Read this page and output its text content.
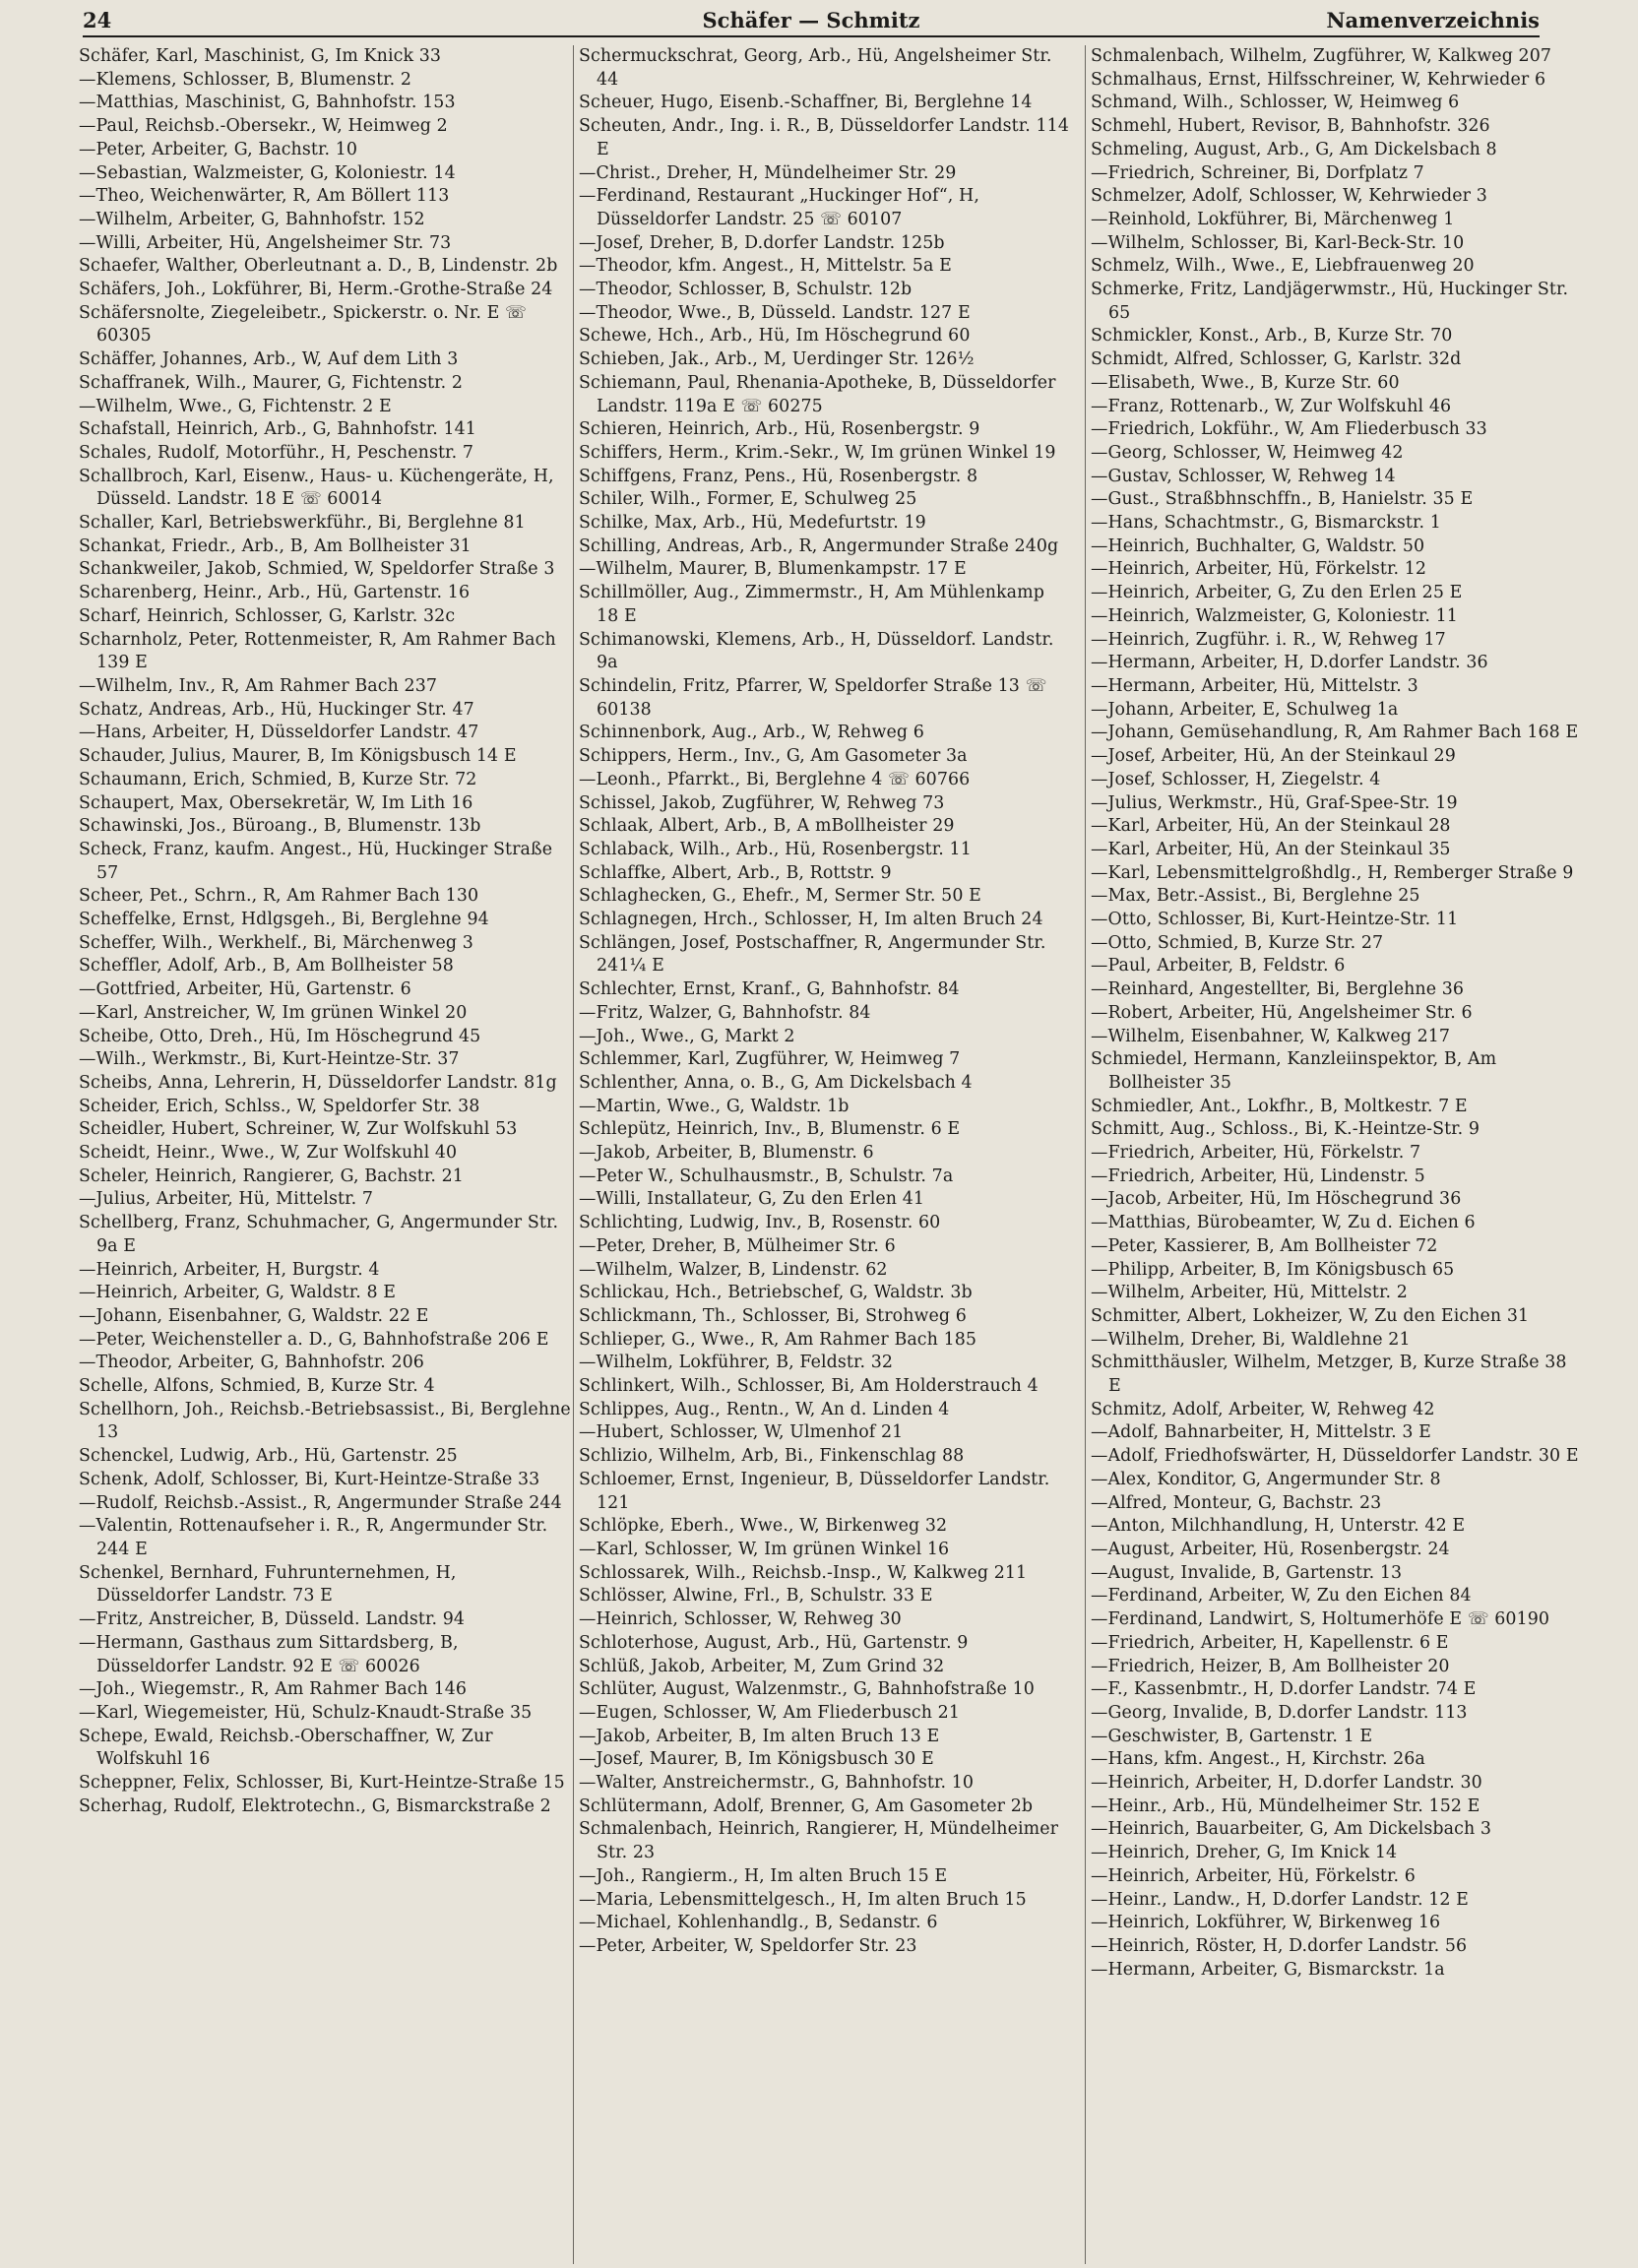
24	Schäfer — Schmitz	Namenverzeichnis
Schäfer, Karl, Maschinist, G, Im Knick 33
—Klemens, Schlosser, B, Blumenstr. 2
—Matthias, Maschinist, G, Bahnhofstr. 153
—Paul, Reichsb.-Obersekr., W, Heimweg 2
—Peter, Arbeiter, G, Bachstr. 10
—Sebastian, Walzmeister, G, Koloniestr. 14
—Theo, Weichenwärter, R, Am Böllert 113
—Wilhelm, Arbeiter, G, Bahnhofstr. 152
—Willi, Arbeiter, Hü, Angelsheimer Str. 73
Schaefer, Walther, Oberleutnant a. D., B, Lindenstr. 2b
Schäfers, Joh., Lokführer, Bi, Herm.-Grothe-Straße 24
Schäfersnolte, Ziegeleibetr., Spickerstr. o. Nr. E ☏ 60305
Schäffer, Johannes, Arb., W, Auf dem Lith 3
Schaffranek, Wilh., Maurer, G, Fichtenstr. 2
—Wilhelm, Wwe., G, Fichtenstr. 2 E
Schafstall, Heinrich, Arb., G, Bahnhofstr. 141
Schales, Rudolf, Motorführ., H, Peschenstr. 7
Schallbroch, Karl, Eisenw., Haus- u. Küchengeräte, H, Düsseld. Landstr. 18 E ☏ 60014
Schaller, Karl, Betriebswerkführ., Bi, Berglehne 81
Schankat, Friedr., Arb., B, Am Bollheister 31
Schankweiler, Jakob, Schmied, W, Speldorfer Straße 3
Scharenberg, Heinr., Arb., Hü, Gartenstr. 16
Scharf, Heinrich, Schlosser, G, Karlstr. 32c
Scharnholz, Peter, Rottenmeister, R, Am Rahmer Bach 139 E
—Wilhelm, Inv., R, Am Rahmer Bach 237
Schatz, Andreas, Arb., Hü, Huckinger Str. 47
—Hans, Arbeiter, H, Düsseldorfer Landstr. 47
Schauder, Julius, Maurer, B, Im Königsbusch 14 E
Schaumann, Erich, Schmied, B, Kurze Str. 72
Schaupert, Max, Obersekretär, W, Im Lith 16
Schawinski, Jos., Büroang., B, Blumenstr. 13b
Scheck, Franz, kaufm. Angest., Hü, Huckinger Straße 57
Scheer, Pet., Schrn., R, Am Rahmer Bach 130
Scheffelke, Ernst, Hdlgsgeh., Bi, Berglehne 94
Scheffer, Wilh., Werkhelf., Bi, Märchenweg 3
Scheffler, Adolf, Arb., B, Am Bollheister 58
—Gottfried, Arbeiter, Hü, Gartenstr. 6
—Karl, Anstreicher, W, Im grünen Winkel 20
Scheibe, Otto, Dreh., Hü, Im Höschegrund 45
—Wilh., Werkmstr., Bi, Kurt-Heintze-Str. 37
Scheibs, Anna, Lehrerin, H, Düsseldorfer Landstr. 81g
Scheider, Erich, Schlss., W, Speldorfer Str. 38
Scheidler, Hubert, Schreiner, W, Zur Wolfskuhl 53
Scheidt, Heinr., Wwe., W, Zur Wolfskuhl 40
Scheler, Heinrich, Rangierer, G, Bachstr. 21
—Julius, Arbeiter, Hü, Mittelstr. 7
Schellberg, Franz, Schuhmacher, G, Angermunder Str. 9a E
—Heinrich, Arbeiter, H, Burgstr. 4
—Heinrich, Arbeiter, G, Waldstr. 8 E
—Johann, Eisenbahner, G, Waldstr. 22 E
—Peter, Weichensteller a. D., G, Bahnhofstraße 206 E
—Theodor, Arbeiter, G, Bahnhofstr. 206
Schelle, Alfons, Schmied, B, Kurze Str. 4
Schellhorn, Joh., Reichsb.-Betriebsassist., Bi, Berglehne 13
Schenckel, Ludwig, Arb., Hü, Gartenstr. 25
Schenk, Adolf, Schlosser, Bi, Kurt-Heintze-Straße 33
—Rudolf, Reichsb.-Assist., R, Angermunder Straße 244
—Valentin, Rottenaufseher i. R., R, Angermunder Str. 244 E
Schenkel, Bernhard, Fuhrunternehmen, H, Düsseldorfer Landstr. 73 E
—Fritz, Anstreicher, B, Düsseld. Landstr. 94
—Hermann, Gasthaus zum Sittardsberg, B, Düsseldorfer Landstr. 92 E ☏ 60026
—Joh., Wiegemstr., R, Am Rahmer Bach 146
—Karl, Wiegemeister, Hü, Schulz-Knaudt-Straße 35
Schepe, Ewald, Reichsb.-Oberschaffner, W, Zur Wolfskuhl 16
Scheppner, Felix, Schlosser, Bi, Kurt-Heintze-Straße 15
Scherhag, Rudolf, Elektrotechn., G, Bismarckstraße 2
Schermuckschrat, Georg, Arb., Hü, Angelsheimer Str. 44
Scheuer, Hugo, Eisenb.-Schaffner, Bi, Berglehne 14
Scheuten, Andr., Ing. i. R., B, Düsseldorfer Landstr. 114 E
—Christ., Dreher, H, Mündelheimer Str. 29
—Ferdinand, Restaurant „Huckinger Hof“, H, Düsseldorfer Landstr. 25 ☏ 60107
—Josef, Dreher, B, D.dorfer Landstr. 125b
—Theodor, kfm. Angest., H, Mittelstr. 5a E
—Theodor, Schlosser, B, Schulstr. 12b
—Theodor, Wwe., B, Düsseld. Landstr. 127 E
Schewe, Hch., Arb., Hü, Im Höschegrund 60
Schieben, Jak., Arb., M, Uerdinger Str. 126½
Schiemann, Paul, Rhenania-Apotheke, B, Düsseldorfer Landstr. 119a E ☏ 60275
Schieren, Heinrich, Arb., Hü, Rosenbergstr. 9
Schiffers, Herm., Krim.-Sekr., W, Im grünen Winkel 19
Schiffgens, Franz, Pens., Hü, Rosenbergstr. 8
Schiler, Wilh., Former, E, Schulweg 25
Schilke, Max, Arb., Hü, Medefurtstr. 19
Schilling, Andreas, Arb., R, Angermunder Straße 240g
—Wilhelm, Maurer, B, Blumenkampstr. 17 E
Schillmöller, Aug., Zimmermstr., H, Am Mühlenkamp 18 E
Schimanowski, Klemens, Arb., H, Düsseldorf. Landstr. 9a
Schindelin, Fritz, Pfarrer, W, Speldorfer Straße 13 ☏ 60138
Schinnenbork, Aug., Arb., W, Rehweg 6
Schippers, Herm., Inv., G, Am Gasometer 3a
—Leonh., Pfarrkt., Bi, Berglehne 4 ☏ 60766
Schissel, Jakob, Zugführer, W, Rehweg 73
Schlaak, Albert, Arb., B, A mBollheister 29
Schlaback, Wilh., Arb., Hü, Rosenbergstr. 11
Schlaffke, Albert, Arb., B, Rottstr. 9
Schlaghecken, G., Ehefr., M, Sermer Str. 50 E
Schlagnegen, Hrch., Schlosser, H, Im alten Bruch 24
Schlängen, Josef, Postschaffner, R, Angermunder Str. 241¼ E
Schlechter, Ernst, Kranf., G, Bahnhofstr. 84
—Fritz, Walzer, G, Bahnhofstr. 84
—Joh., Wwe., G, Markt 2
Schlemmer, Karl, Zugführer, W, Heimweg 7
Schlenther, Anna, o. B., G, Am Dickelsbach 4
—Martin, Wwe., G, Waldstr. 1b
Schlepütz, Heinrich, Inv., B, Blumenstr. 6 E
—Jakob, Arbeiter, B, Blumenstr. 6
—Peter W., Schulhausmstr., B, Schulstr. 7a
—Willi, Installateur, G, Zu den Erlen 41
Schlichting, Ludwig, Inv., B, Rosenstr. 60
—Peter, Dreher, B, Mülheimer Str. 6
—Wilhelm, Walzer, B, Lindenstr. 62
Schlickau, Hch., Betriebschef, G, Waldstr. 3b
Schlickmann, Th., Schlosser, Bi, Strohweg 6
Schlieper, G., Wwe., R, Am Rahmer Bach 185
—Wilhelm, Lokführer, B, Feldstr. 32
Schlinkert, Wilh., Schlosser, Bi, Am Holderstrauch 4
Schlippes, Aug., Rentn., W, An d. Linden 4
—Hubert, Schlosser, W, Ulmenhof 21
Schlizio, Wilhelm, Arb, Bi., Finkenschlag 88
Schloemer, Ernst, Ingenieur, B, Düsseldorfer Landstr. 121
Schlöpke, Eberh., Wwe., W, Birkenweg 32
—Karl, Schlosser, W, Im grünen Winkel 16
Schlossarek, Wilh., Reichsb.-Insp., W, Kalkweg 211
Schlösser, Alwine, Frl., B, Schulstr. 33 E
—Heinrich, Schlosser, W, Rehweg 30
Schloterhose, August, Arb., Hü, Gartenstr. 9
Schlüß, Jakob, Arbeiter, M, Zum Grind 32
Schlüter, August, Walzenmstr., G, Bahnhofstraße 10
—Eugen, Schlosser, W, Am Fliederbusch 21
—Jakob, Arbeiter, B, Im alten Bruch 13 E
—Josef, Maurer, B, Im Königsbusch 30 E
—Walter, Anstreichermstr., G, Bahnhofstr. 10
Schlütermann, Adolf, Brenner, G, Am Gasometer 2b
Schmalenbach, Heinrich, Rangierer, H, Mündelheimer Str. 23
—Joh., Rangierm., H, Im alten Bruch 15 E
—Maria, Lebensmittelgesch., H, Im alten Bruch 15
—Michael, Kohlenhandlg., B, Sedanstr. 6
—Peter, Arbeiter, W, Speldorfer Str. 23
Schmalenbach, Wilhelm, Zugführer, W, Kalkweg 207
Schmalhaus, Ernst, Hilfsschreiner, W, Kehrwieder 6
Schmand, Wilh., Schlosser, W, Heimweg 6
Schmehl, Hubert, Revisor, B, Bahnhofstr. 326
Schmeling, August, Arb., G, Am Dickelsbach 8
—Friedrich, Schreiner, Bi, Dorfplatz 7
Schmelzer, Adolf, Schlosser, W, Kehrwieder 3
—Reinhold, Lokführer, Bi, Märchenweg 1
—Wilhelm, Schlosser, Bi, Karl-Beck-Str. 10
Schmelz, Wilh., Wwe., E, Liebfrauenweg 20
Schmerke, Fritz, Landjägerwmstr., Hü, Huckinger Str. 65
Schmickler, Konst., Arb., B, Kurze Str. 70
Schmidt, Alfred, Schlosser, G, Karlstr. 32d
—Elisabeth, Wwe., B, Kurze Str. 60
—Franz, Rottenarb., W, Zur Wolfskuhl 46
—Friedrich, Lokführ., W, Am Fliederbusch 33
—Georg, Schlosser, W, Heimweg 42
—Gustav, Schlosser, W, Rehweg 14
—Gust., Straßbhnschffn., B, Hanielstr. 35 E
—Hans, Schachtmstr., G, Bismarckstr. 1
—Heinrich, Buchhalter, G, Waldstr. 50
—Heinrich, Arbeiter, Hü, Förkelstr. 12
—Heinrich, Arbeiter, G, Zu den Erlen 25 E
—Heinrich, Walzmeister, G, Koloniestr. 11
—Heinrich, Zugführ. i. R., W, Rehweg 17
—Hermann, Arbeiter, H, D.dorfer Landstr. 36
—Hermann, Arbeiter, Hü, Mittelstr. 3
—Johann, Arbeiter, E, Schulweg 1a
—Johann, Gemüsehandlung, R, Am Rahmer Bach 168 E
—Josef, Arbeiter, Hü, An der Steinkaul 29
—Josef, Schlosser, H, Ziegelstr. 4
—Julius, Werkmstr., Hü, Graf-Spee-Str. 19
—Karl, Arbeiter, Hü, An der Steinkaul 28
—Karl, Arbeiter, Hü, An der Steinkaul 35
—Karl, Lebensmittelgroßhdlg., H, Remberger Straße 9
—Max, Betr.-Assist., Bi, Berglehne 25
—Otto, Schlosser, Bi, Kurt-Heintze-Str. 11
—Otto, Schmied, B, Kurze Str. 27
—Paul, Arbeiter, B, Feldstr. 6
—Reinhard, Angestellter, Bi, Berglehne 36
—Robert, Arbeiter, Hü, Angelsheimer Str. 6
—Wilhelm, Eisenbahner, W, Kalkweg 217
Schmiedel, Hermann, Kanzleiinspektor, B, Am Bollheister 35
Schmiedler, Ant., Lokfhr., B, Moltkestr. 7 E
Schmitt, Aug., Schloss., Bi, K.-Heintze-Str. 9
—Friedrich, Arbeiter, Hü, Förkelstr. 7
—Friedrich, Arbeiter, Hü, Lindenstr. 5
—Jacob, Arbeiter, Hü, Im Höschegrund 36
—Matthias, Bürobeamter, W, Zu d. Eichen 6
—Peter, Kassierer, B, Am Bollheister 72
—Philipp, Arbeiter, B, Im Königsbusch 65
—Wilhelm, Arbeiter, Hü, Mittelstr. 2
Schmitter, Albert, Lokheizer, W, Zu den Eichen 31
—Wilhelm, Dreher, Bi, Waldlehne 21
Schmitthäusler, Wilhelm, Metzger, B, Kurze Straße 38 E
Schmitz, Adolf, Arbeiter, W, Rehweg 42
—Adolf, Bahnarbeiter, H, Mittelstr. 3 E
—Adolf, Friedhofswärter, H, Düsseldorfer Landstr. 30 E
—Alex, Konditor, G, Angermunder Str. 8
—Alfred, Monteur, G, Bachstr. 23
—Anton, Milchhandlung, H, Unterstr. 42 E
—August, Arbeiter, Hü, Rosenbergstr. 24
—August, Invalide, B, Gartenstr. 13
—Ferdinand, Arbeiter, W, Zu den Eichen 84
—Ferdinand, Landwirt, S, Holtumerhöfe E ☏ 60190
—Friedrich, Arbeiter, H, Kapellenstr. 6 E
—Friedrich, Heizer, B, Am Bollheister 20
—F., Kassenbmtr., H, D.dorfer Landstr. 74 E
—Georg, Invalide, B, D.dorfer Landstr. 113
—Geschwister, B, Gartenstr. 1 E
—Hans, kfm. Angest., H, Kirchstr. 26a
—Heinrich, Arbeiter, H, D.dorfer Landstr. 30
—Heinr., Arb., Hü, Mündelheimer Str. 152 E
—Heinrich, Bauarbeiter, G, Am Dickelsbach 3
—Heinrich, Dreher, G, Im Knick 14
—Heinrich, Arbeiter, Hü, Förkelstr. 6
—Heinr., Landw., H, D.dorfer Landstr. 12 E
—Heinrich, Lokführer, W, Birkenweg 16
—Heinrich, Röster, H, D.dorfer Landstr. 56
—Hermann, Arbeiter, G, Bismarckstr. 1a
